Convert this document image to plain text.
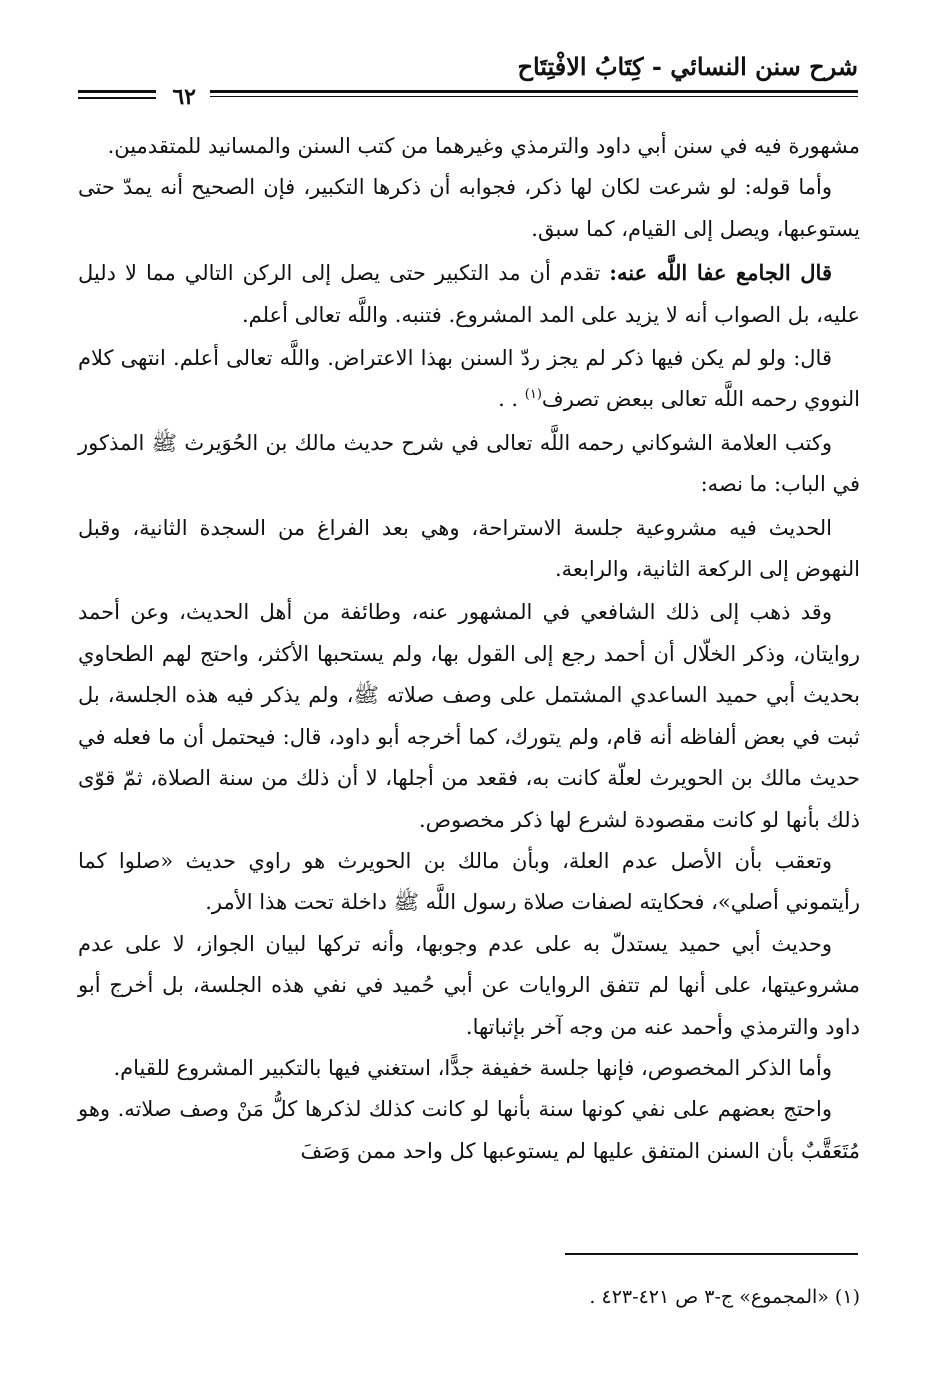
شرح سنن النسائي - كِتَابُ الافْتِتَاح
٦٢

مشهورة فيه في سنن أبي داود والترمذي وغيرهما من كتب السنن والمسانيد للمتقدمين.

وأما قوله: لو شرعت لكان لها ذكر، فجوابه أن ذكرها التكبير، فإن الصحيح أنه يمدّ حتى يستوعبها، ويصل إلى القيام، كما سبق.

قال الجامع عفا اللَّه عنه: تقدم أن مد التكبير حتى يصل إلى الركن التالي مما لا دليل عليه، بل الصواب أنه لا يزيد على المد المشروع. فتنبه. واللَّه تعالى أعلم.

قال: ولو لم يكن فيها ذكر لم يجز ردّ السنن بهذا الاعتراض. واللَّه تعالى أعلم. انتهى كلام النووي رحمه اللَّه تعالى ببعض تصرف$^{(١)}$ . .

وكتب العلامة الشوكاني رحمه اللَّه تعالى في شرح حديث مالك بن الحُوَيرث ﷺ المذكور في الباب: ما نصه:

الحديث فيه مشروعية جلسة الاستراحة، وهي بعد الفراغ من السجدة الثانية، وقبل النهوض إلى الركعة الثانية، والرابعة.

وقد ذهب إلى ذلك الشافعي في المشهور عنه، وطائفة من أهل الحديث، وعن أحمد روايتان، وذكر الخلّال أن أحمد رجع إلى القول بها، ولم يستحبها الأكثر، واحتج لهم الطحاوي بحديث أبي حميد الساعدي المشتمل على وصف صلاته ﷺ، ولم يذكر فيه هذه الجلسة، بل ثبت في بعض ألفاظه أنه قام، ولم يتورك، كما أخرجه أبو داود، قال: فيحتمل أن ما فعله في حديث مالك بن الحويرث لعلّة كانت به، فقعد من أجلها، لا أن ذلك من سنة الصلاة، ثمّ قوّى ذلك بأنها لو كانت مقصودة لشرع لها ذكر مخصوص.

وتعقب بأن الأصل عدم العلة، وبأن مالك بن الحويرث هو راوي حديث «صلوا كما رأيتموني أصلي»، فحكايته لصفات صلاة رسول اللَّه ﷺ داخلة تحت هذا الأمر.

وحديث أبي حميد يستدلّ به على عدم وجوبها، وأنه تركها لبيان الجواز، لا على عدم مشروعيتها، على أنها لم تتفق الروايات عن أبي حُميد في نفي هذه الجلسة، بل أخرج أبو داود والترمذي وأحمد عنه من وجه آخر بإثباتها.

وأما الذكر المخصوص، فإنها جلسة خفيفة جدًّا، استغني فيها بالتكبير المشروع للقيام.

واحتج بعضهم على نفي كونها سنة بأنها لو كانت كذلك لذكرها كلُّ مَنْ وصف صلاته. وهو مُتَعَقَّبٌ بأن السنن المتفق عليها لم يستوعبها كل واحد ممن وَصَفَ

(١) «المجموع» ج-٣ ص ٤٢١-٤٢٣ .
